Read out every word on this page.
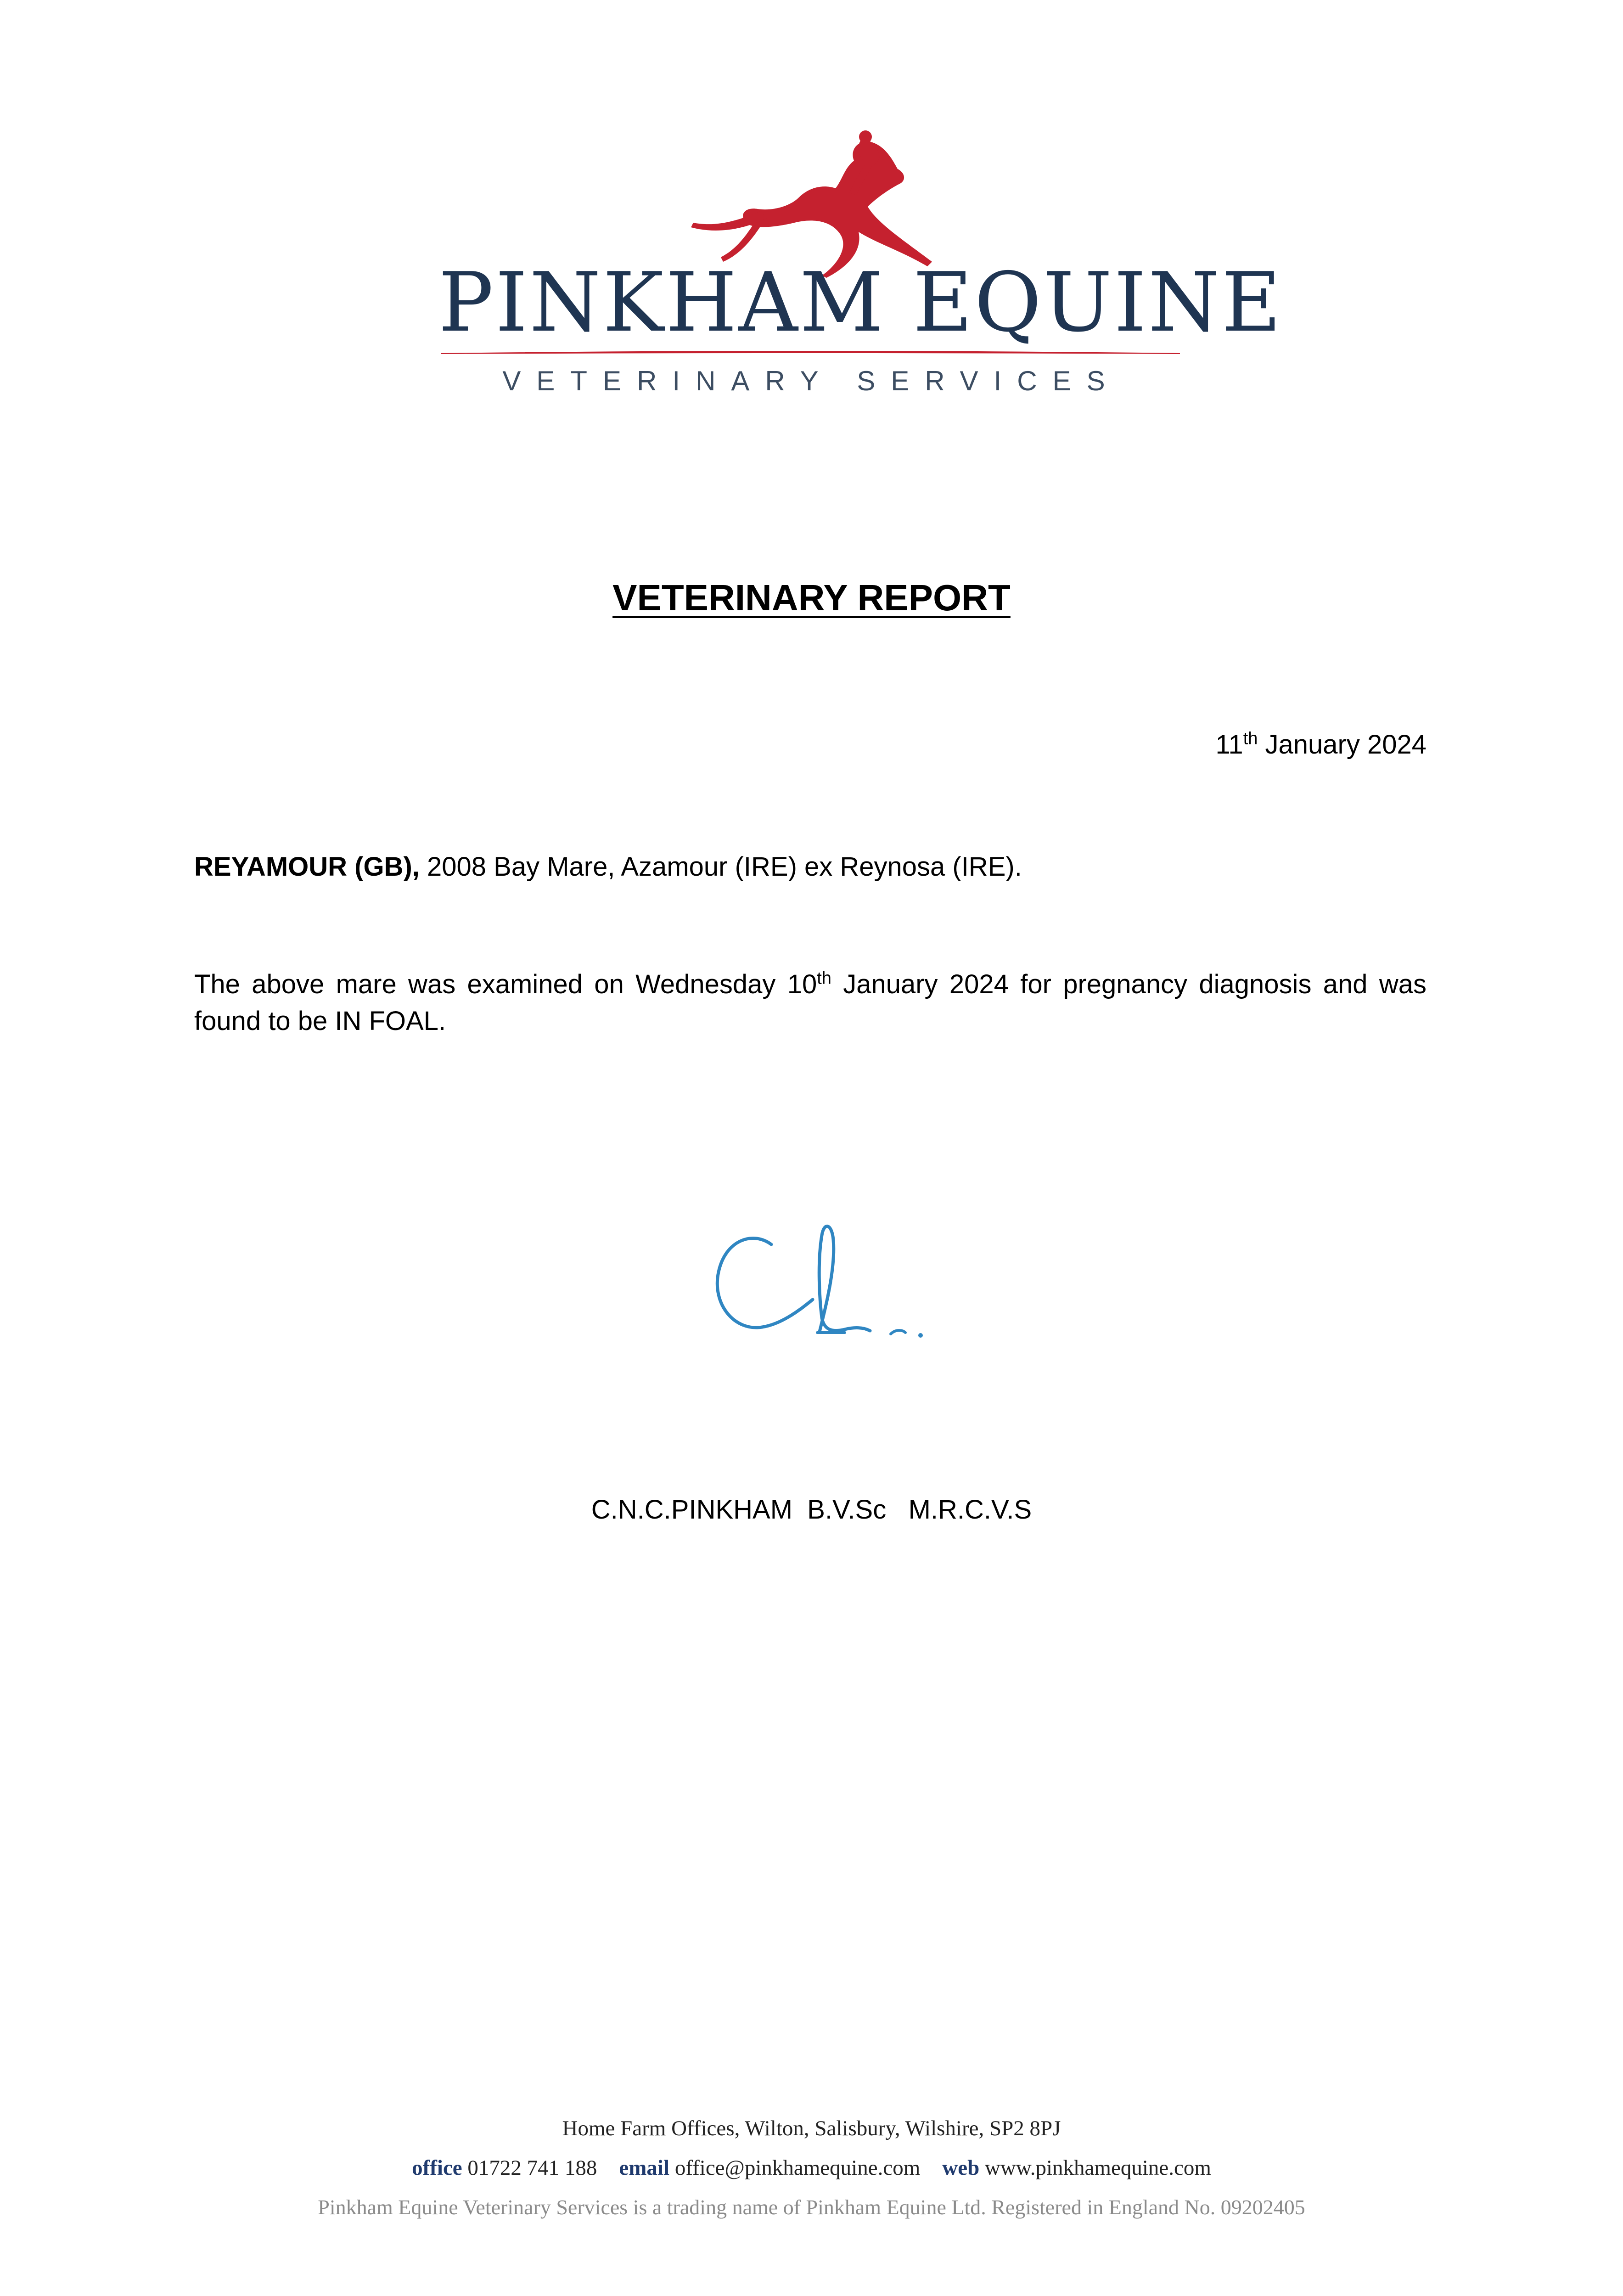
PINKHAM EQUINE
VETERINARY SERVICES
VETERINARY REPORT
11th January 2024
REYAMOUR (GB), 2008 Bay Mare, Azamour (IRE) ex Reynosa (IRE).
The above mare was examined on Wednesday 10th January 2024 for pregnancy diagnosis and was found to be IN FOAL.
C.N.C.PINKHAM  B.V.Sc   M.R.C.V.S
Home Farm Offices, Wilton, Salisbury, Wilshire, SP2 8PJ
office 01722 741 188 email office@pinkhamequine.com web www.pinkhamequine.com
Pinkham Equine Veterinary Services is a trading name of Pinkham Equine Ltd. Registered in England No. 09202405
